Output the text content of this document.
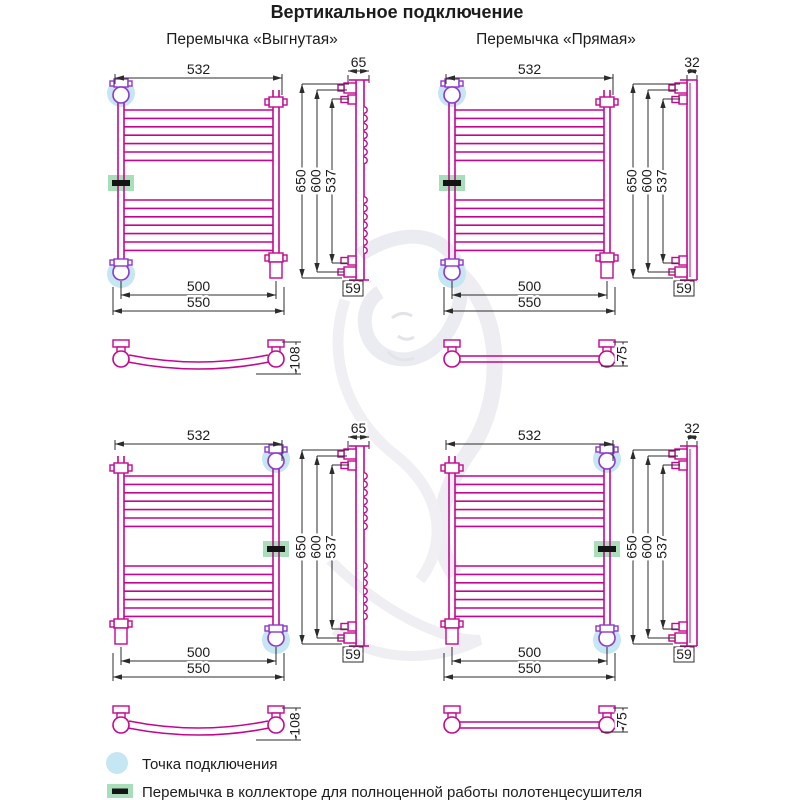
Вертикальное подключение
Перемычка «Выгнутая»	Перемычка «Прямая»
532
500
550
65
650 600 537
59
108
532
500
550
32
650 600 537
59
75
532
500
550
65
650 600 537
59
108
532
500
550
32
650 600 537
59
75
Точка подключения
Перемычка в коллекторе для полноценной работы полотенцесушителя
